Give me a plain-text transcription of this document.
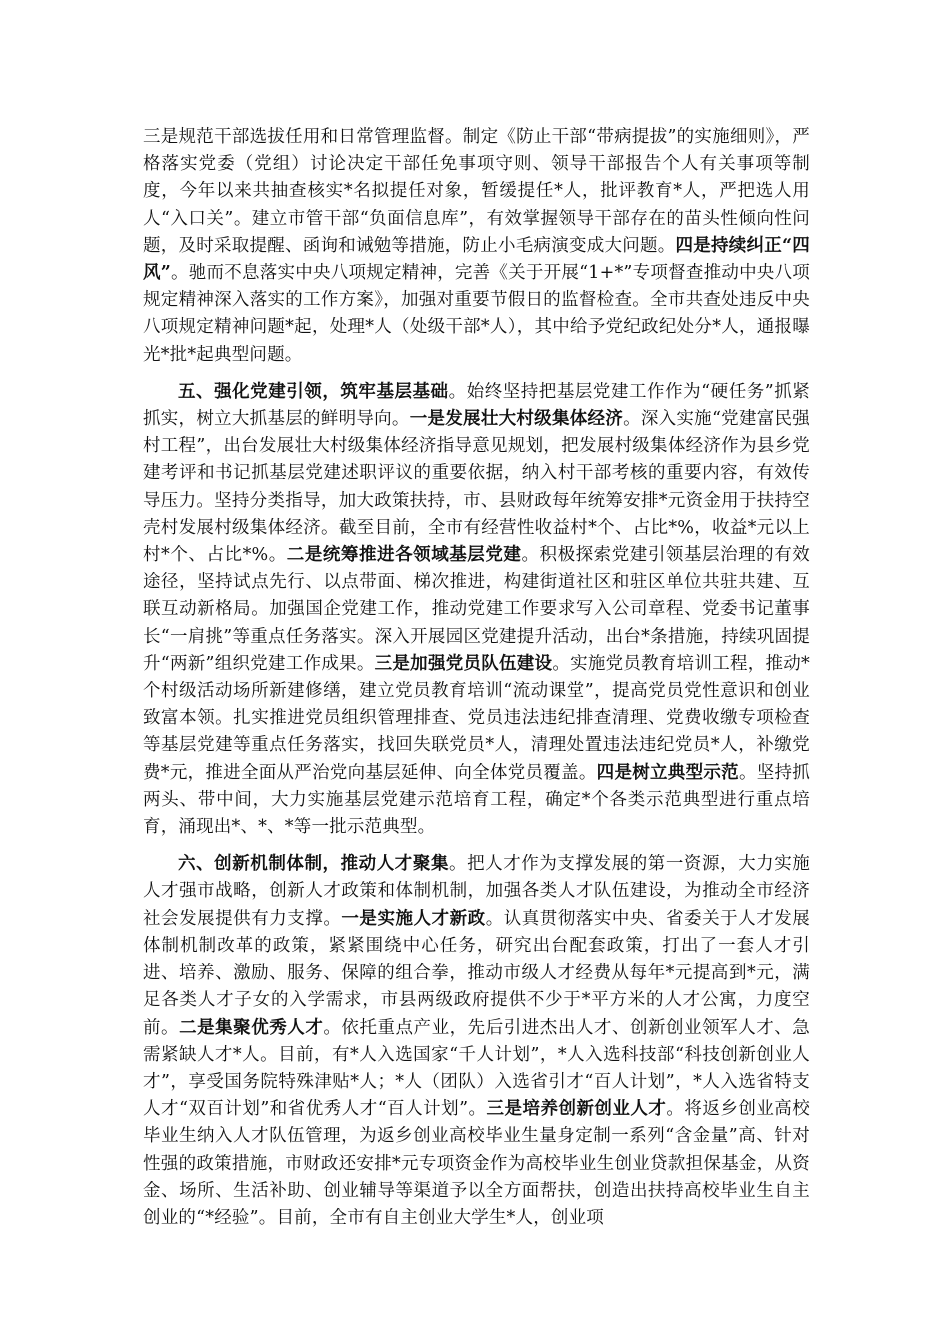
三是规范干部选拔任用和日常管理监督。制定《防止干部“带病提拔”的实施细则》，严格落实党委（党组）讨论决定干部任免事项守则、领导干部报告个人有关事项等制度，今年以来共抽查核实*名拟提任对象，暂缓提任*人，批评教育*人，严把选人用人“入口关”。建立市管干部“负面信息库”，有效掌握领导干部存在的苗头性倾向性问题，及时采取提醒、函询和诫勉等措施，防止小毛病演变成大问题。四是持续纠正“四风”。驰而不息落实中央八项规定精神，完善《关于开展“1+*”专项督查推动中央八项规定精神深入落实的工作方案》，加强对重要节假日的监督检查。全市共查处违反中央八项规定精神问题*起，处理*人（处级干部*人），其中给予党纪政纪处分*人，通报曝光*批*起典型问题。

五、强化党建引领，筑牢基层基础。始终坚持把基层党建工作作为“硬任务”抓紧抓实，树立大抓基层的鲜明导向。一是发展壮大村级集体经济。深入实施“党建富民强村工程”，出台发展壮大村级集体经济指导意见规划，把发展村级集体经济作为县乡党建考评和书记抓基层党建述职评议的重要依据，纳入村干部考核的重要内容，有效传导压力。坚持分类指导，加大政策扶持，市、县财政每年统筹安排*元资金用于扶持空壳村发展村级集体经济。截至目前，全市有经营性收益村*个、占比*%，收益*元以上村*个、占比*%。二是统筹推进各领域基层党建。积极探索党建引领基层治理的有效途径，坚持试点先行、以点带面、梯次推进，构建街道社区和驻区单位共驻共建、互联互动新格局。加强国企党建工作，推动党建工作要求写入公司章程、党委书记董事长“一肩挑”等重点任务落实。深入开展园区党建提升活动，出台*条措施，持续巩固提升“两新”组织党建工作成果。三是加强党员队伍建设。实施党员教育培训工程，推动*个村级活动场所新建修缮，建立党员教育培训“流动课堂”，提高党员党性意识和创业致富本领。扎实推进党员组织管理排查、党员违法违纪排查清理、党费收缴专项检查等基层党建等重点任务落实，找回失联党员*人，清理处置违法违纪党员*人，补缴党费*元，推进全面从严治党向基层延伸、向全体党员覆盖。四是树立典型示范。坚持抓两头、带中间，大力实施基层党建示范培育工程，确定*个各类示范典型进行重点培育，涌现出*、*、*等一批示范典型。

六、创新机制体制，推动人才聚集。把人才作为支撑发展的第一资源，大力实施人才强市战略，创新人才政策和体制机制，加强各类人才队伍建设，为推动全市经济社会发展提供有力支撑。一是实施人才新政。认真贯彻落实中央、省委关于人才发展体制机制改革的政策，紧紧围绕中心任务，研究出台配套政策，打出了一套人才引进、培养、激励、服务、保障的组合拳，推动市级人才经费从每年*元提高到*元，满足各类人才子女的入学需求，市县两级政府提供不少于*平方米的人才公寓，力度空前。二是集聚优秀人才。依托重点产业，先后引进杰出人才、创新创业领军人才、急需紧缺人才*人。目前，有*人入选国家“千人计划”，*人入选科技部“科技创新创业人才”，享受国务院特殊津贴*人；*人（团队）入选省引才“百人计划”，*人入选省特支人才“双百计划”和省优秀人才“百人计划”。三是培养创新创业人才。将返乡创业高校毕业生纳入人才队伍管理，为返乡创业高校毕业生量身定制一系列“含金量”高、针对性强的政策措施，市财政还安排*元专项资金作为高校毕业生创业贷款担保基金，从资金、场所、生活补助、创业辅导等渠道予以全方面帮扶，创造出扶持高校毕业生自主创业的“*经验”。目前，全市有自主创业大学生*人，创业项
